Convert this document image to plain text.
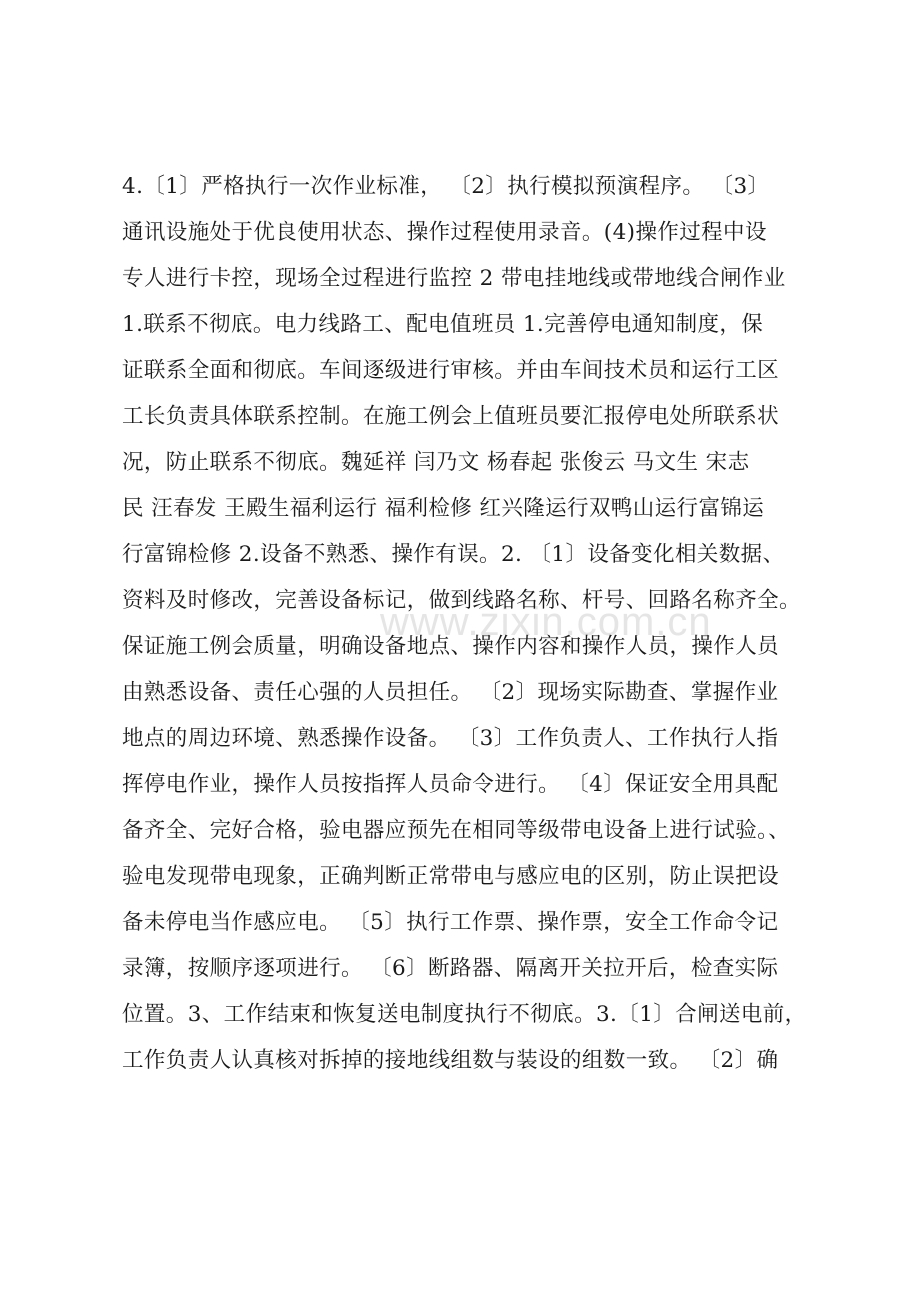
www.zixin.com.cn
4.〔1〕严格执行一次作业标准， 〔2〕执行模拟预演程序。 〔3〕
通讯设施处于优良使用状态、操作过程使用录音。(4)操作过程中设
专人进行卡控，现场全过程进行监控 2 带电挂地线或带地线合闸作业
1.联系不彻底。电力线路工、配电值班员 1.完善停电通知制度，保
证联系全面和彻底。车间逐级进行审核。并由车间技术员和运行工区
工长负责具体联系控制。在施工例会上值班员要汇报停电处所联系状
况，防止联系不彻底。魏延祥 闫乃文 杨春起 张俊云 马文生 宋志
民 汪春发 王殿生福利运行 福利检修 红兴隆运行双鸭山运行富锦运
行富锦检修 2.设备不熟悉、操作有误。2. 〔1〕设备变化相关数据、
资料及时修改，完善设备标记，做到线路名称、杆号、回路名称齐全。
保证施工例会质量，明确设备地点、操作内容和操作人员，操作人员
由熟悉设备、责任心强的人员担任。 〔2〕现场实际勘查、掌握作业
地点的周边环境、熟悉操作设备。 〔3〕工作负责人、工作执行人指
挥停电作业，操作人员按指挥人员命令进行。 〔4〕保证安全用具配
备齐全、完好合格，验电器应预先在相同等级带电设备上进行试验。、
验电发现带电现象，正确判断正常带电与感应电的区别，防止误把设
备未停电当作感应电。 〔5〕执行工作票、操作票，安全工作命令记
录簿，按顺序逐项进行。 〔6〕断路器、隔离开关拉开后，检查实际
位置。3、工作结束和恢复送电制度执行不彻底。3.〔1〕合闸送电前，
工作负责人认真核对拆掉的接地线组数与装设的组数一致。 〔2〕确
